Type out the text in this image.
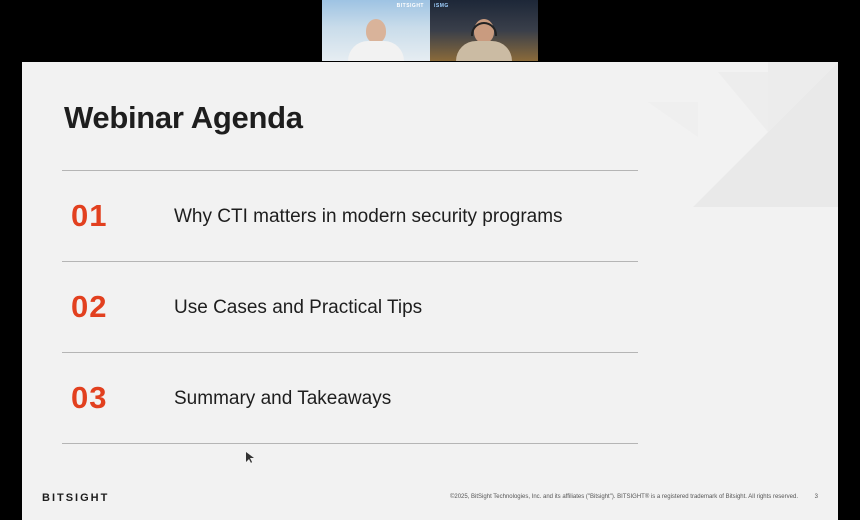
BITSIGHT iSMG
Webinar Agenda
01	Why CTI matters in modern security programs
02	Use Cases and Practical Tips
03	Summary and Takeaways
BITSIGHT	©2025, BitSight Technologies, Inc. and its affiliates ("Bitsight"). BITSIGHT® is a registered trademark of Bitsight. All rights reserved.	3
